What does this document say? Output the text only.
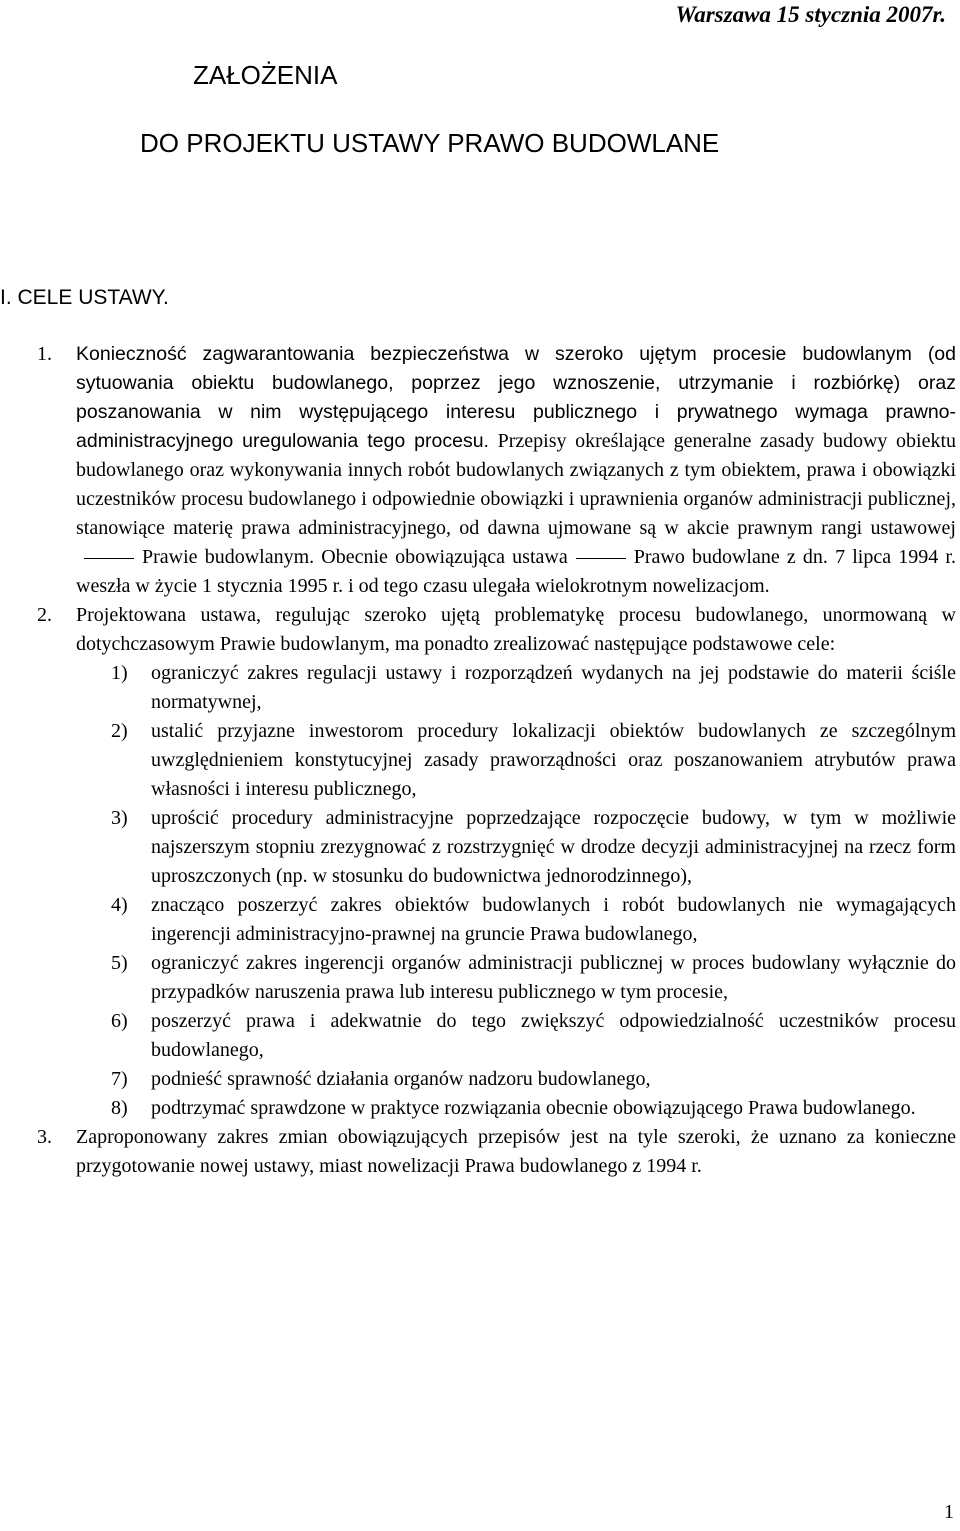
Warszawa 15 stycznia 2007r.
ZAŁOŻENIA
DO PROJEKTU USTAWY PRAWO BUDOWLANE
I. CELE USTAWY.
1. Konieczność zagwarantowania bezpieczeństwa w szeroko ujętym procesie budowlanym (od sytuowania obiektu budowlanego, poprzez jego wznoszenie, utrzymanie i rozbiórkę) oraz poszanowania w nim występującego interesu publicznego i prywatnego wymaga prawno-administracyjnego uregulowania tego procesu. Przepisy określające generalne zasady budowy obiektu budowlanego oraz wykonywania innych robót budowlanych związanych z tym obiektem, prawa i obowiązki uczestników procesu budowlanego i odpowiednie obowiązki i uprawnienia organów administracji publicznej, stanowiące materię prawa administracyjnego, od dawna ujmowane są w akcie prawnym rangi ustawowejPrawie budowlanym. Obecnie obowiązująca ustawa	Prawo budowlane z dn. 7 lipca 1994 r. weszła w życie 1 stycznia 1995 r. i od tego czasu ulegała wielokrotnym nowelizacjom.
2. Projektowana ustawa, regulując szeroko ujętą problematykę procesu budowlanego, unormowaną w dotychczasowym Prawie budowlanym, ma ponadto zrealizować następujące podstawowe cele:
1) ograniczyć zakres regulacji ustawy i rozporządzeń wydanych na jej podstawie do materii ściśle normatywnej,
2) ustalić przyjazne inwestorom procedury lokalizacji obiektów budowlanych ze szczególnym uwzględnieniem konstytucyjnej zasady praworządności oraz poszanowaniem atrybutów prawa własności i interesu publicznego,
3) uprościć procedury administracyjne poprzedzające rozpoczęcie budowy, w tym w możliwie najszerszym stopniu zrezygnować z rozstrzygnięć w drodze decyzji administracyjnej na rzecz form uproszczonych (np. w stosunku do budownictwa jednorodzinnego),
4) znacząco poszerzyć zakres obiektów budowlanych i robót budowlanych nie wymagających ingerencji administracyjno-prawnej na gruncie Prawa budowlanego,
5) ograniczyć zakres ingerencji organów administracji publicznej w proces budowlany wyłącznie do przypadków naruszenia prawa lub interesu publicznego w tym procesie,
6) poszerzyć prawa i adekwatnie do tego zwiększyć odpowiedzialność uczestników procesu budowlanego,
7) podnieść sprawność działania organów nadzoru budowlanego,
8) podtrzymać sprawdzone w praktyce rozwiązania obecnie obowiązującego Prawa budowlanego.
3. Zaproponowany zakres zmian obowiązujących przepisów jest na tyle szeroki, że uznano za konieczne przygotowanie nowej ustawy, miast nowelizacji Prawa budowlanego z 1994 r.
1
